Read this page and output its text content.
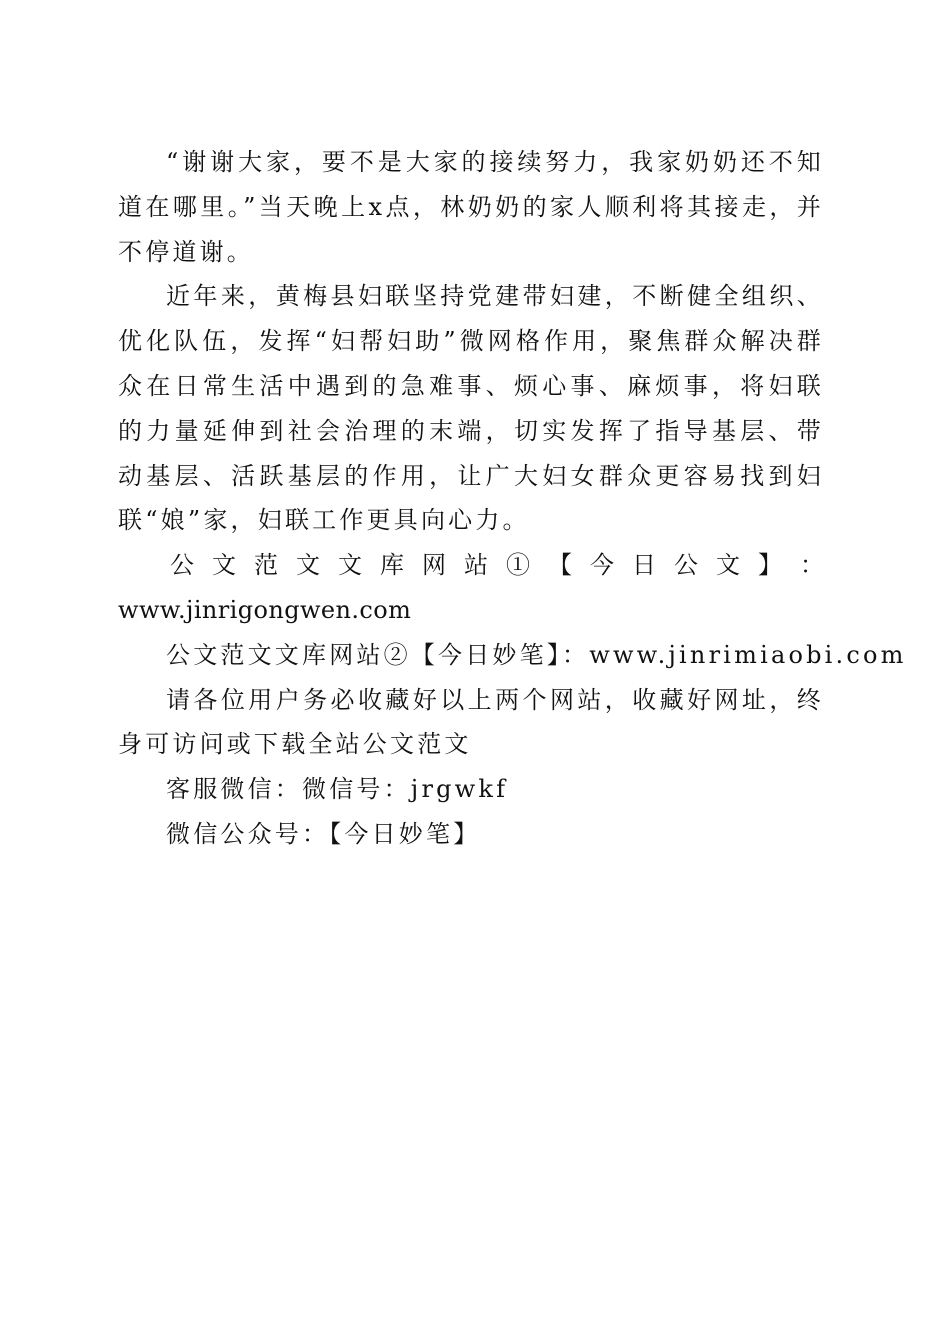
“谢谢大家，要不是大家的接续努力，我家奶奶还不知道在哪里。”当天晚上x点，林奶奶的家人顺利将其接走，并不停道谢。

近年来，黄梅县妇联坚持党建带妇建，不断健全组织、优化队伍，发挥“妇帮妇助”微网格作用，聚焦群众解决群众在日常生活中遇到的急难事、烦心事、麻烦事，将妇联的力量延伸到社会治理的末端，切实发挥了指导基层、带动基层、活跃基层的作用，让广大妇女群众更容易找到妇联“娘”家，妇联工作更具向心力。

公 文 范 文 文 库 网 站 ① 【 今 日 公 文 】 ：

www.jinrigongwen.com

公文范文文库网站②【今日妙笔】：www.jinrimiaobi.com

请各位用户务必收藏好以上两个网站，收藏好网址，终身可访问或下载全站公文范文

客服微信：微信号：jrgwkf

微信公众号：【今日妙笔】
